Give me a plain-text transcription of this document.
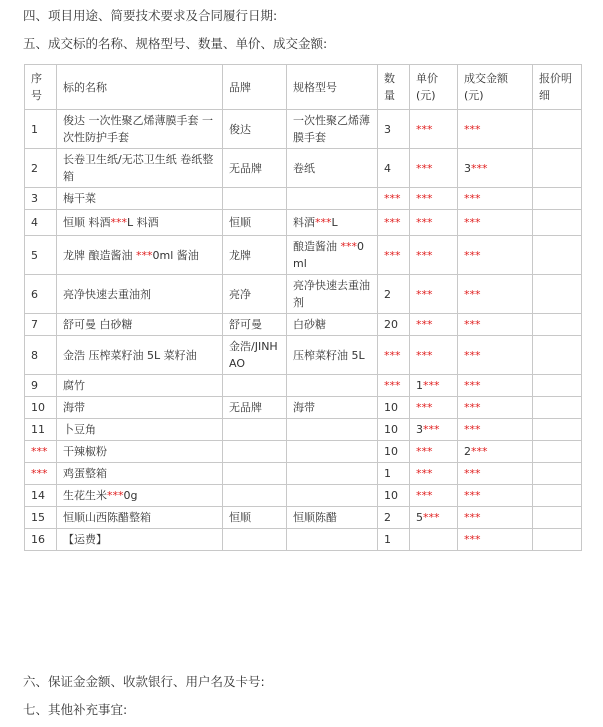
四、项目用途、简要技术要求及合同履行日期:
五、成交标的名称、规格型号、数量、单价、成交金额:
序号	标的名称	品牌	规格型号	数量	单价(元)	成交金额(元)	报价明细
1	俊达 一次性聚乙烯薄膜手套 一次性防护手套	俊达	一次性聚乙烯薄膜手套	3	***	***	
2	长卷卫生纸/无芯卫生纸 卷纸整箱	无品牌	卷纸	4	***	3***	
3	梅干菜			***	***	***	
4	恒顺 料酒***L 料酒	恒顺	料酒***L	***	***	***	
5	龙牌 酿造酱油 ***0ml 酱油	龙牌	酿造酱油 ***0ml	***	***	***	
6	亮净快速去重油剂	亮净	亮净快速去重油剂	2	***	***	
7	舒可曼 白砂糖	舒可曼	白砂糖	20	***	***	
8	金浩 压榨菜籽油 5L 菜籽油	金浩/JINHAO	压榨菜籽油 5L	***	***	***	
9	腐竹			***	1***	***	
10	海带	无品牌	海带	10	***	***	
11	卜豆角			10	3***	***	
***	干辣椒粉			10	***	2***	
***	鸡蛋整箱			1	***	***	
14	生花生米***0g			10	***	***	
15	恒顺山西陈醋整箱	恒顺	恒顺陈醋	2	5***	***	
16	【运费】			1		***	
六、保证金金额、收款银行、用户名及卡号:
七、其他补充事宜:
